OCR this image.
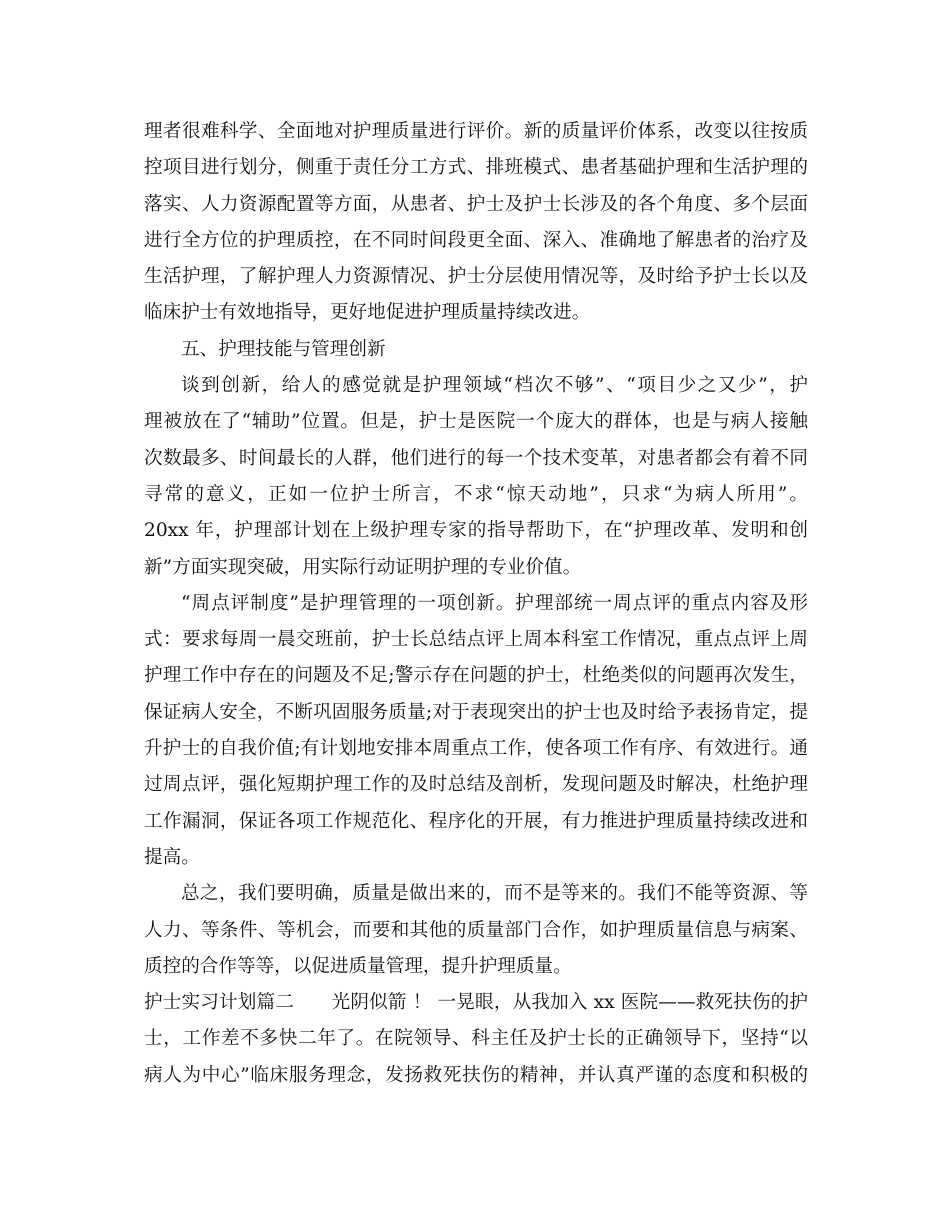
理者很难科学、全面地对护理质量进行评价。新的质量评价体系，改变以往按质
控项目进行划分，侧重于责任分工方式、排班模式、患者基础护理和生活护理的
落实、人力资源配置等方面，从患者、护士及护士长涉及的各个角度、多个层面
进行全方位的护理质控，在不同时间段更全面、深入、准确地了解患者的治疗及
生活护理，了解护理人力资源情况、护士分层使用情况等，及时给予护士长以及
临床护士有效地指导，更好地促进护理质量持续改进。
五、护理技能与管理创新
谈到创新，给人的感觉就是护理领域“档次不够”、“项目少之又少”，护
理被放在了“辅助”位置。但是，护士是医院一个庞大的群体，也是与病人接触
次数最多、时间最长的人群，他们进行的每一个技术变革，对患者都会有着不同
寻常的意义，正如一位护士所言，不求“惊天动地”，只求“为病人所用”。
20xx 年，护理部计划在上级护理专家的指导帮助下，在“护理改革、发明和创
新”方面实现突破，用实际行动证明护理的专业价值。
“周点评制度”是护理管理的一项创新。护理部统一周点评的重点内容及形
式：要求每周一晨交班前，护士长总结点评上周本科室工作情况，重点点评上周
护理工作中存在的问题及不足;警示存在问题的护士，杜绝类似的问题再次发生，
保证病人安全，不断巩固服务质量;对于表现突出的护士也及时给予表扬肯定，提
升护士的自我价值;有计划地安排本周重点工作，使各项工作有序、有效进行。通
过周点评，强化短期护理工作的及时总结及剖析，发现问题及时解决，杜绝护理
工作漏洞，保证各项工作规范化、程序化的开展，有力推进护理质量持续改进和
提高。
总之，我们要明确，质量是做出来的，而不是等来的。我们不能等资源、等
人力、等条件、等机会，而要和其他的质量部门合作，如护理质量信息与病案、
质控的合作等等，以促进质量管理，提升护理质量。
护士实习计划篇二　　光阴似箭 ！ 一晃眼，从我加入 xx 医院——救死扶伤的护
士，工作差不多快二年了。在院领导、科主任及护士长的正确领导下，坚持“以
病人为中心”临床服务理念，发扬救死扶伤的精神，并认真严谨的态度和积极的
